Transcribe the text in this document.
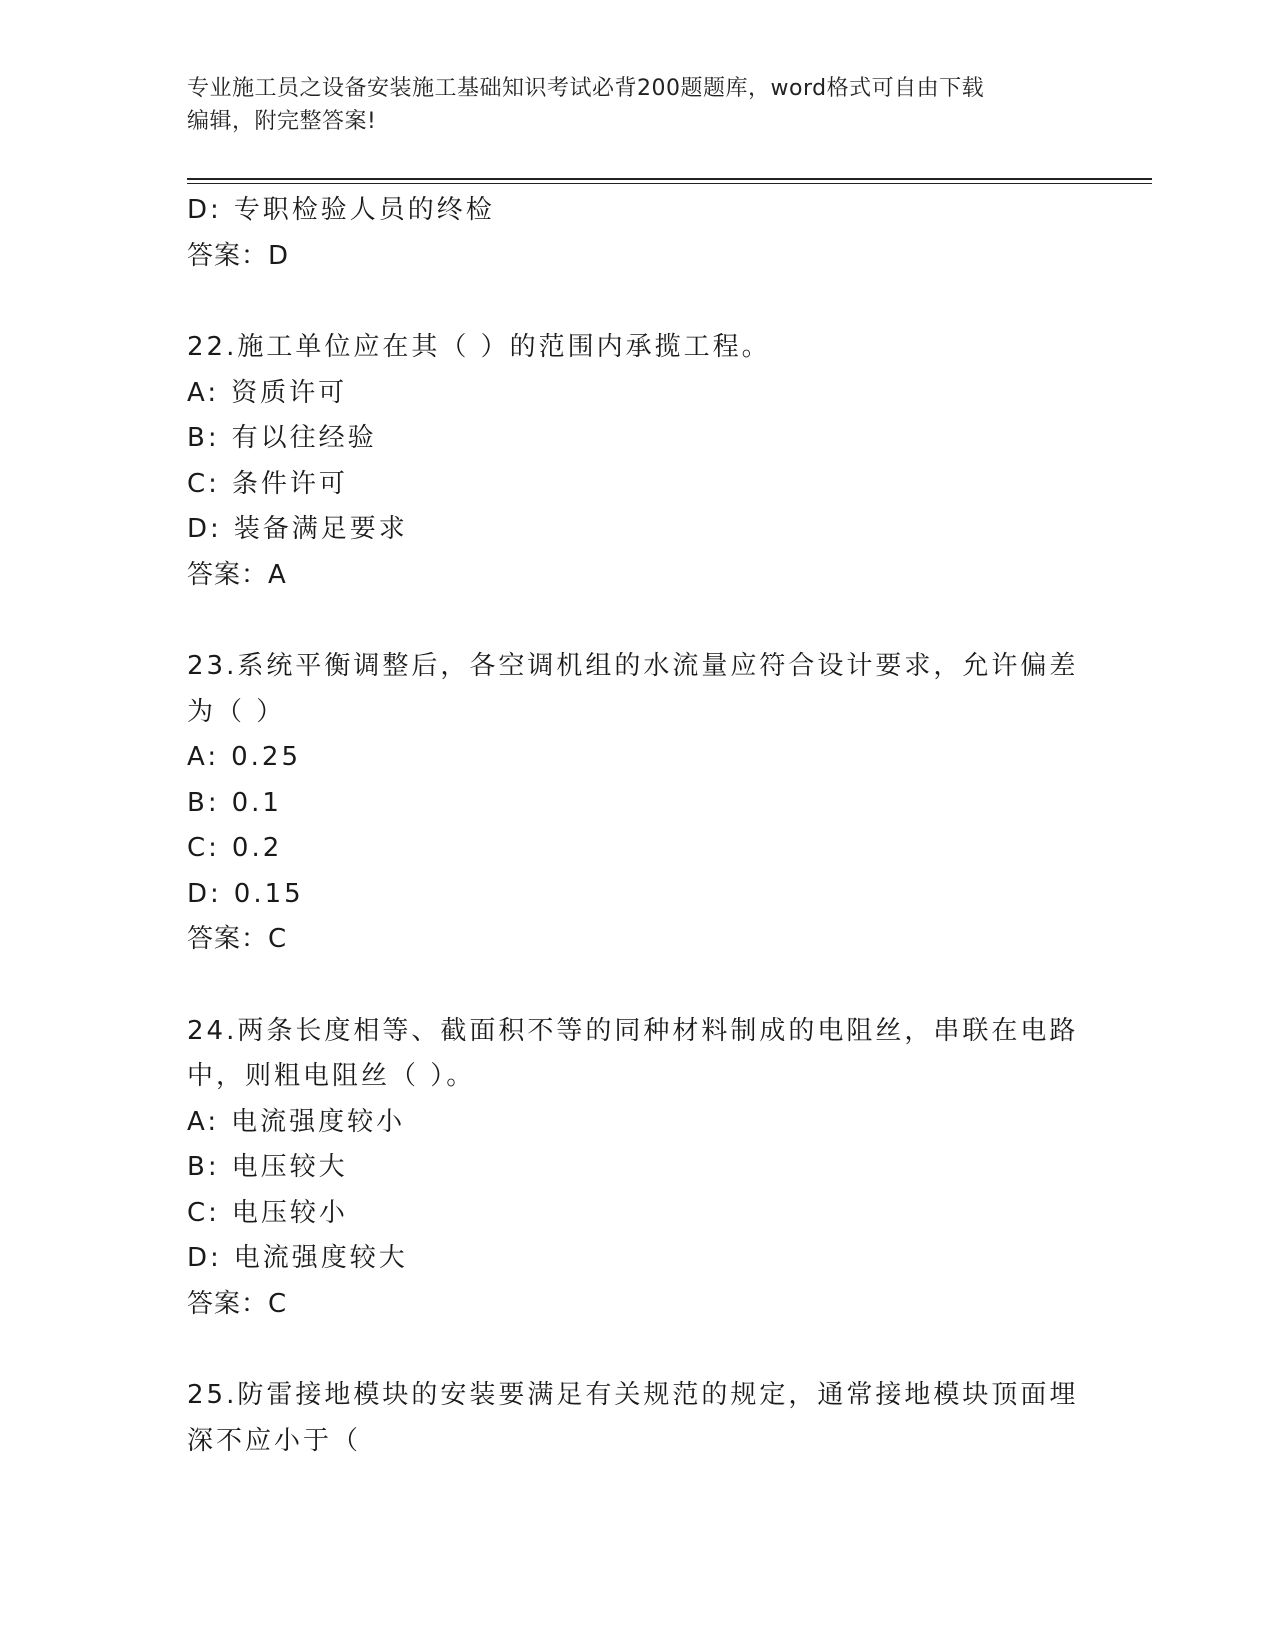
专业施工员之设备安装施工基础知识考试必背200题题库，word格式可自由下载
编辑，附完整答案!
D: 专职检验人员的终检
答案：D
22.施工单位应在其（ ）的范围内承揽工程。
A: 资质许可
B: 有以往经验
C: 条件许可
D: 装备满足要求
答案：A
23.系统平衡调整后，各空调机组的水流量应符合设计要求，允许偏差
为（ ）
A: 0.25
B: 0.1
C: 0.2
D: 0.15
答案：C
24.两条长度相等、截面积不等的同种材料制成的电阻丝，串联在电路
中，则粗电阻丝（ ）。
A: 电流强度较小
B: 电压较大
C: 电压较小
D: 电流强度较大
答案：C
25.防雷接地模块的安装要满足有关规范的规定，通常接地模块顶面埋
深不应小于（
